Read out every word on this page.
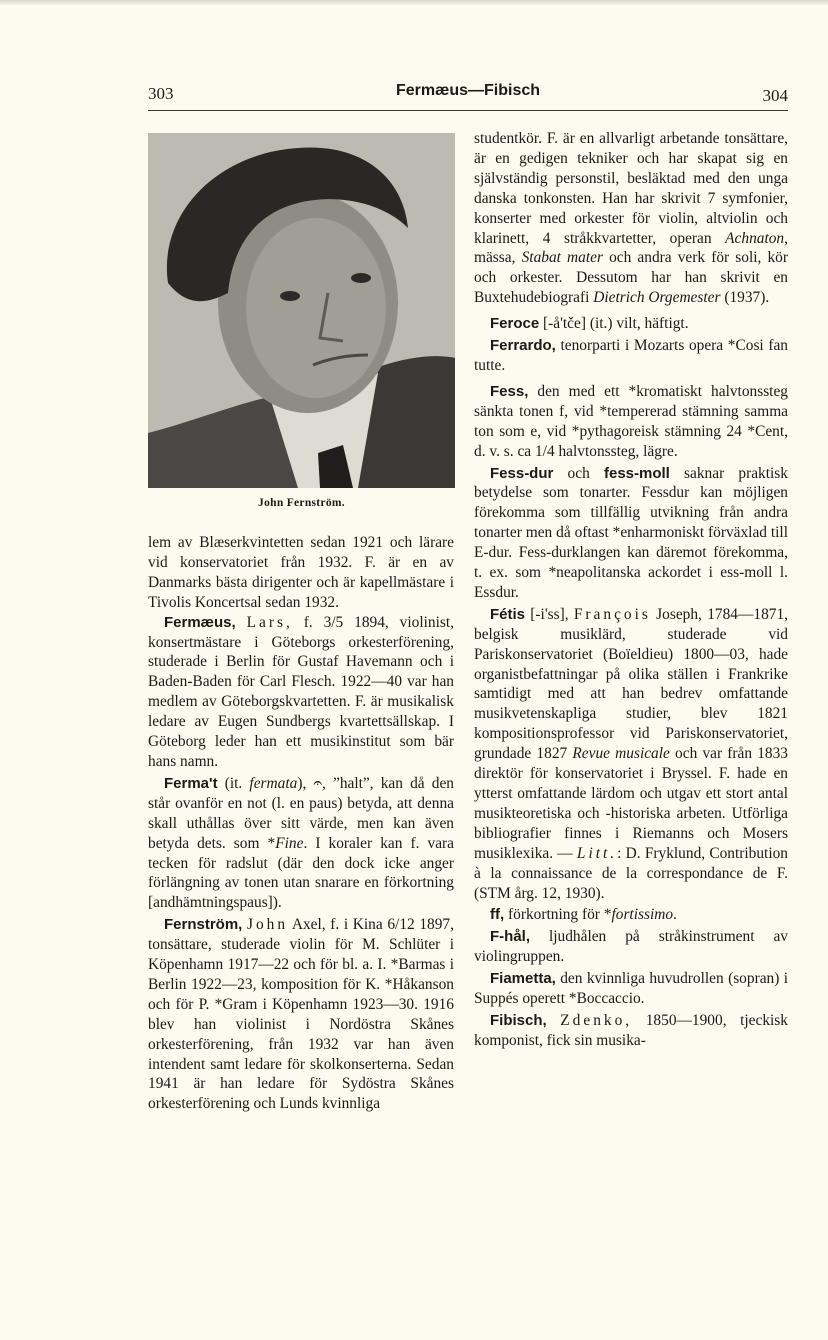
303	Fermæus—Fibisch	304
John Fernström.

lem av Blæserkvintetten sedan 1921 och lärare vid konservatoriet från 1932. F. är en av Danmarks bästa dirigenter och är kapellmästare i Tivolis Koncertsal sedan 1932.

Fermæus, Lars, f. 3/5 1894, violinist, konsertmästare i Göteborgs orkesterförening, studerade i Berlin för Gustaf Havemann och i Baden-Baden för Carl Flesch. 1922—40 var han medlem av Göteborgskvartetten. F. är musikalisk ledare av Eugen Sundbergs kvartettsällskap. I Göteborg leder han ett musikinstitut som bär hans namn.

Ferma't (it. fermata), 𝄐, ”halt”, kan då den står ovanför en not (l. en paus) betyda, att denna skall uthållas över sitt värde, men kan även betyda dets. som *Fine. I koraler kan f. vara tecken för radslut (där den dock icke anger förlängning av tonen utan snarare en förkortning [andhämtningspaus]).

Fernström, John Axel, f. i Kina 6/12 1897, tonsättare, studerade violin för M. Schlüter i Köpenhamn 1917—22 och för bl. a. I. *Barmas i Berlin 1922—23, komposition för K. *Håkanson och för P. *Gram i Köpenhamn 1923—30. 1916 blev han violinist i Nordöstra Skånes orkesterförening, från 1932 var han även intendent samt ledare för skolkonserterna. Sedan 1941 är han ledare för Sydöstra Skånes orkesterförening och Lunds kvinnliga

studentkör. F. är en allvarligt arbetande tonsättare, är en gedigen tekniker och har skapat sig en självständig personstil, besläktad med den unga danska tonkonsten. Han har skrivit 7 symfonier, konserter med orkester för violin, altviolin och klarinett, 4 stråkkvartetter, operan Achnaton, mässa, Stabat mater och andra verk för soli, kör och orkester. Dessutom har han skrivit en Buxtehudebiografi Dietrich Orgemester (1937).

Feroce [-å'tče] (it.) vilt, häftigt.

Ferrardo, tenorparti i Mozarts opera *Cosi fan tutte.

Fess, den med ett *kromatiskt halvtonssteg sänkta tonen f, vid *tempererad stämning samma ton som e, vid *pythagoreisk stämning 24 *Cent, d. v. s. ca 1/4 halvtonssteg, lägre.

Fess-dur och fess-moll saknar praktisk betydelse som tonarter. Fessdur kan möjligen förekomma som tillfällig utvikning från andra tonarter men då oftast *enharmoniskt förväxlad till E-dur. Fess-durklangen kan däremot förekomma, t. ex. som *neapolitanska ackordet i ess-moll l. Essdur.

Fétis [-i'ss], François Joseph, 1784—1871, belgisk musiklärd, studerade vid Pariskonservatoriet (Boïeldieu) 1800—03, hade organistbefattningar på olika ställen i Frankrike samtidigt med att han bedrev omfattande musikvetenskapliga studier, blev 1821 kompositionsprofessor vid Pariskonservatoriet, grundade 1827 Revue musicale och var från 1833 direktör för konservatoriet i Bryssel. F. hade en ytterst omfattande lärdom och utgav ett stort antal musikteoretiska och -historiska arbeten. Utförliga bibliografier finnes i Riemanns och Mosers musiklexika. — Litt.: D. Fryklund, Contribution à la connaissance de la correspondance de F. (STM årg. 12, 1930).

ff, förkortning för *fortissimo.

F-hål, ljudhålen på stråkinstrument av violingruppen.

Fiametta, den kvinnliga huvudrollen (sopran) i Suppés operett *Boccaccio.

Fibisch, Zdenko, 1850—1900, tjeckisk komponist, fick sin musika-
